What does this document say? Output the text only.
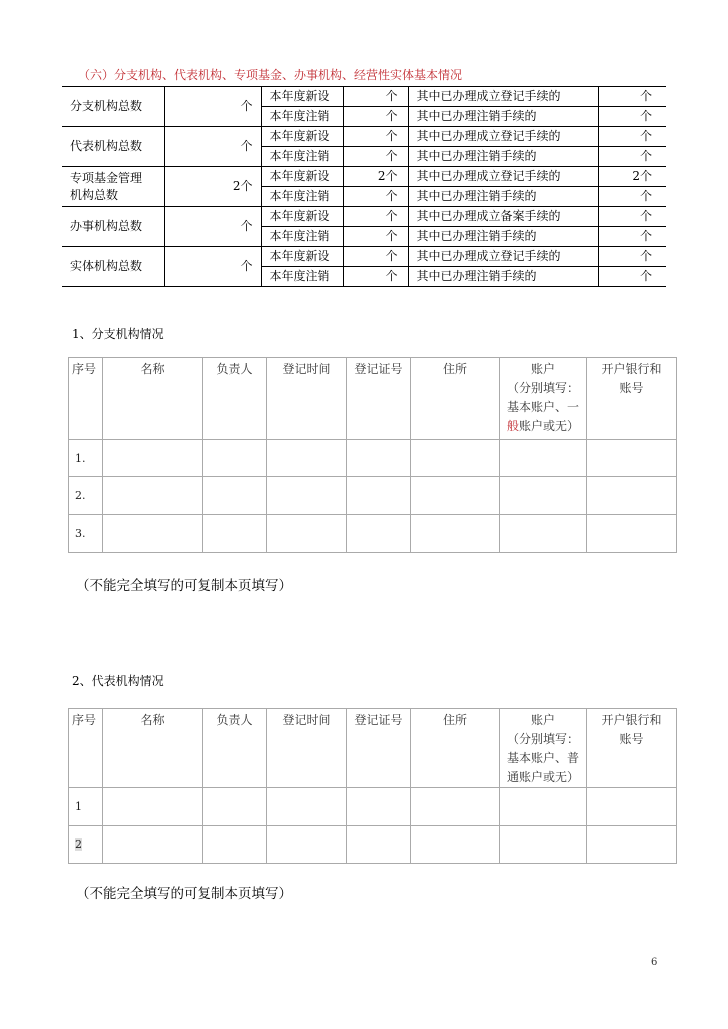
（六）分支机构、代表机构、专项基金、办事机构、经营性实体基本情况
分支机构总数	个	本年度新设	个	其中已办理成立登记手续的	个
		本年度注销	个	其中已办理注销手续的	个
代表机构总数	个	本年度新设	个	其中已办理成立登记手续的	个
		本年度注销	个	其中已办理注销手续的	个
专项基金管理
机构总数	2个	本年度新设	2个	其中已办理成立登记手续的	2个
		本年度注销	个	其中已办理注销手续的	个
办事机构总数	个	本年度新设	个	其中已办理成立备案手续的	个
		本年度注销	个	其中已办理注销手续的	个
实体机构总数	个	本年度新设	个	其中已办理成立登记手续的	个
		本年度注销	个	其中已办理注销手续的	个
1、分支机构情况
序号	名称	负责人	登记时间	登记证号	住所	账户
（分别填写：
基本账户、一
般账户或无）	开户银行和
账号
1.							
2.							
3.							
（不能完全填写的可复制本页填写）
2、代表机构情况
序号	名称	负责人	登记时间	登记证号	住所	账户
（分别填写：
基本账户、普
通账户或无）	开户银行和
账号
1							
2							
（不能完全填写的可复制本页填写）
6
